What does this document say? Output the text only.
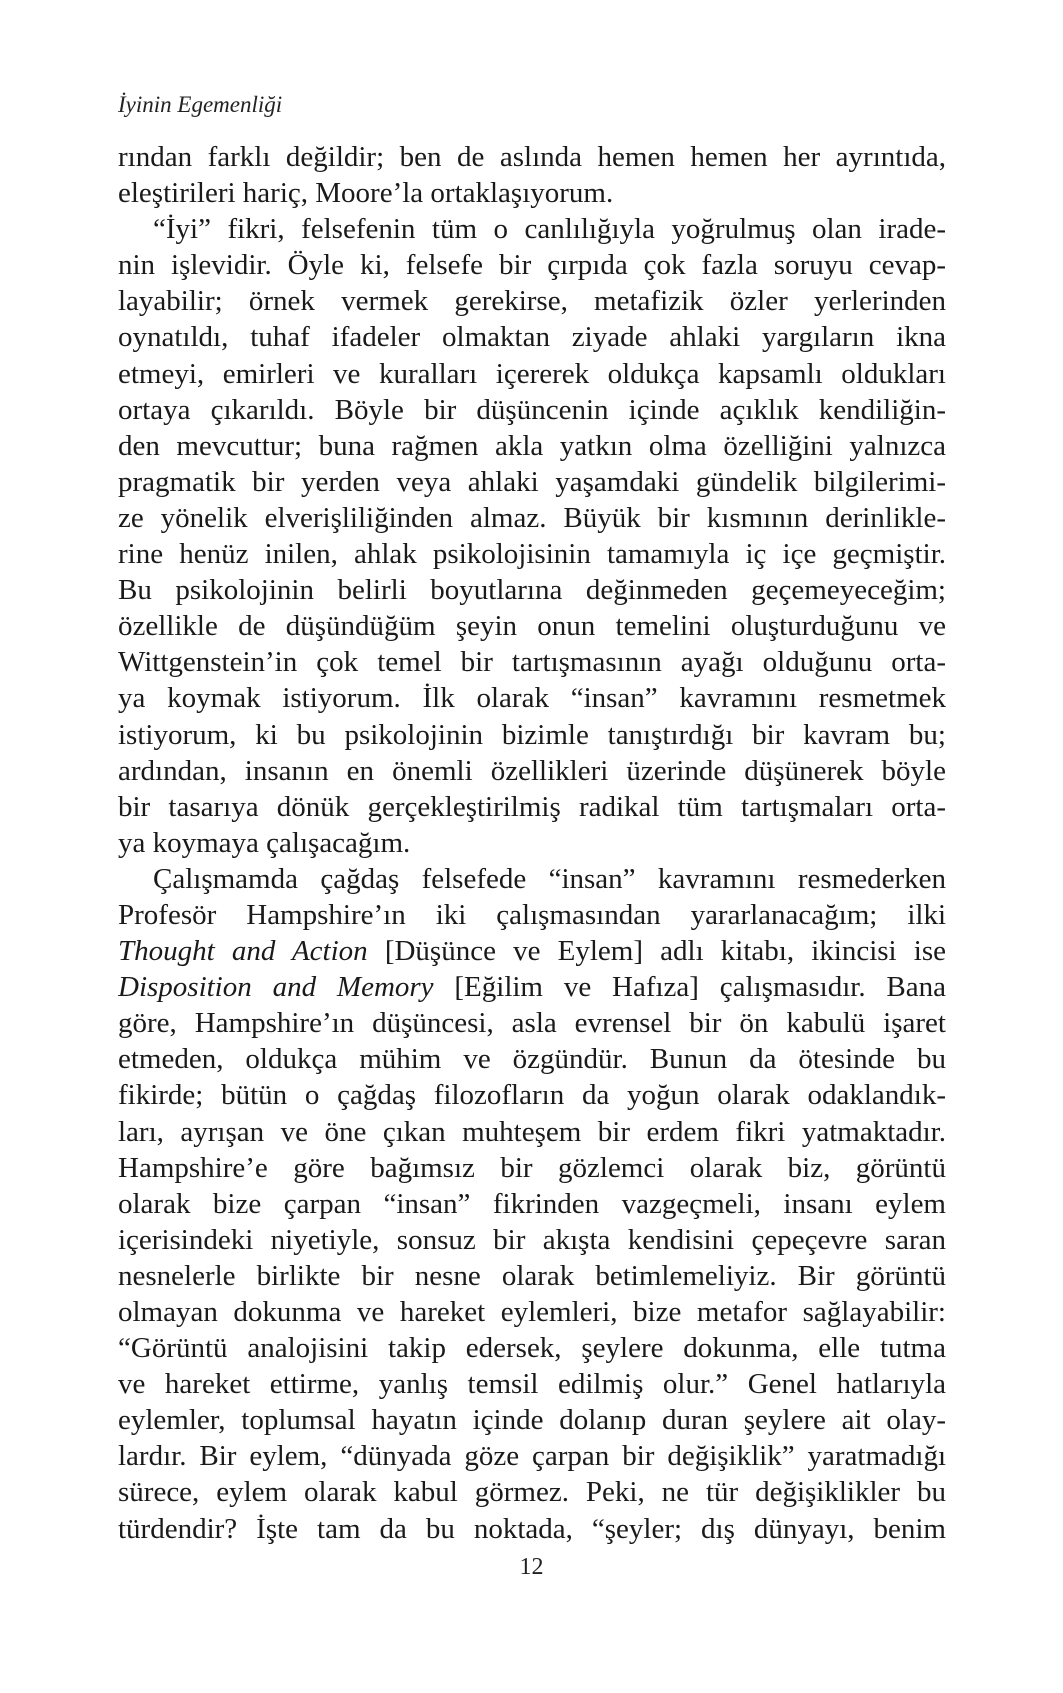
İyinin Egemenliği

rından farklı değildir; ben de aslında hemen hemen her ayrıntıda,
eleştirileri hariç, Moore’la ortaklaşıyorum.

“İyi” fikri, felsefenin tüm o canlılığıyla yoğrulmuş olan irade-
nin işlevidir. Öyle ki, felsefe bir çırpıda çok fazla soruyu cevap-
layabilir; örnek vermek gerekirse, metafizik özler yerlerinden
oynatıldı, tuhaf ifadeler olmaktan ziyade ahlaki yargıların ikna
etmeyi, emirleri ve kuralları içererek oldukça kapsamlı oldukları
ortaya çıkarıldı. Böyle bir düşüncenin içinde açıklık kendiliğin-
den mevcuttur; buna rağmen akla yatkın olma özelliğini yalnızca
pragmatik bir yerden veya ahlaki yaşamdaki gündelik bilgilerimi-
ze yönelik elverişliliğinden almaz. Büyük bir kısmının derinlikle-
rine henüz inilen, ahlak psikolojisinin tamamıyla iç içe geçmiştir.
Bu psikolojinin belirli boyutlarına değinmeden geçemeyeceğim;
özellikle de düşündüğüm şeyin onun temelini oluşturduğunu ve
Wittgenstein’in çok temel bir tartışmasının ayağı olduğunu orta-
ya koymak istiyorum. İlk olarak “insan” kavramını resmetmek
istiyorum, ki bu psikolojinin bizimle tanıştırdığı bir kavram bu;
ardından, insanın en önemli özellikleri üzerinde düşünerek böyle
bir tasarıya dönük gerçekleştirilmiş radikal tüm tartışmaları orta-
ya koymaya çalışacağım.

Çalışmamda çağdaş felsefede “insan” kavramını resmederken
Profesör Hampshire’ın iki çalışmasından yararlanacağım; ilki
Thought and Action [Düşünce ve Eylem] adlı kitabı, ikincisi ise
Disposition and Memory [Eğilim ve Hafıza] çalışmasıdır. Bana
göre, Hampshire’ın düşüncesi, asla evrensel bir ön kabulü işaret
etmeden, oldukça mühim ve özgündür. Bunun da ötesinde bu
fikirde; bütün o çağdaş filozofların da yoğun olarak odaklandık-
ları, ayrışan ve öne çıkan muhteşem bir erdem fikri yatmaktadır.
Hampshire’e göre bağımsız bir gözlemci olarak biz, görüntü
olarak bize çarpan “insan” fikrinden vazgeçmeli, insanı eylem
içerisindeki niyetiyle, sonsuz bir akışta kendisini çepeçevre saran
nesnelerle birlikte bir nesne olarak betimlemeliyiz. Bir görüntü
olmayan dokunma ve hareket eylemleri, bize metafor sağlayabilir:
“Görüntü analojisini takip edersek, şeylere dokunma, elle tutma
ve hareket ettirme, yanlış temsil edilmiş olur.” Genel hatlarıyla
eylemler, toplumsal hayatın içinde dolanıp duran şeylere ait olay-
lardır. Bir eylem, “dünyada göze çarpan bir değişiklik” yaratmadığı
sürece, eylem olarak kabul görmez. Peki, ne tür değişiklikler bu
türdendir? İşte tam da bu noktada, “şeyler; dış dünyayı, benim

12
